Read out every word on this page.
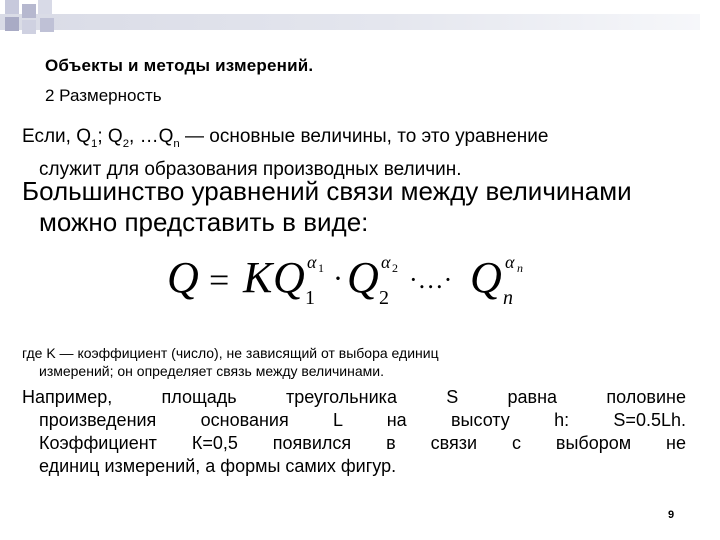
Объекты и методы измерений.
2 Размерность
Если, $Q_1$; $Q_2$, $\dots Q_n$ — основные величины, то это уравнение
служит для образования производных величин.
Большинство уравнений связи между величинами
можно представить в виде:
Q = K Q 1
α 1 · Q 2
α 2 ·…· Q n
α n
где K — коэффициент (число), не зависящий от выбора единиц
измерений; он определяет связь между величинами.
Например, площадь треугольника S равна половине
произведения основания L на высоту h: S=0.5Lh.
Коэффициент К=0,5 появился в связи с выбором не
единиц измерений, а формы самих фигур.
9
